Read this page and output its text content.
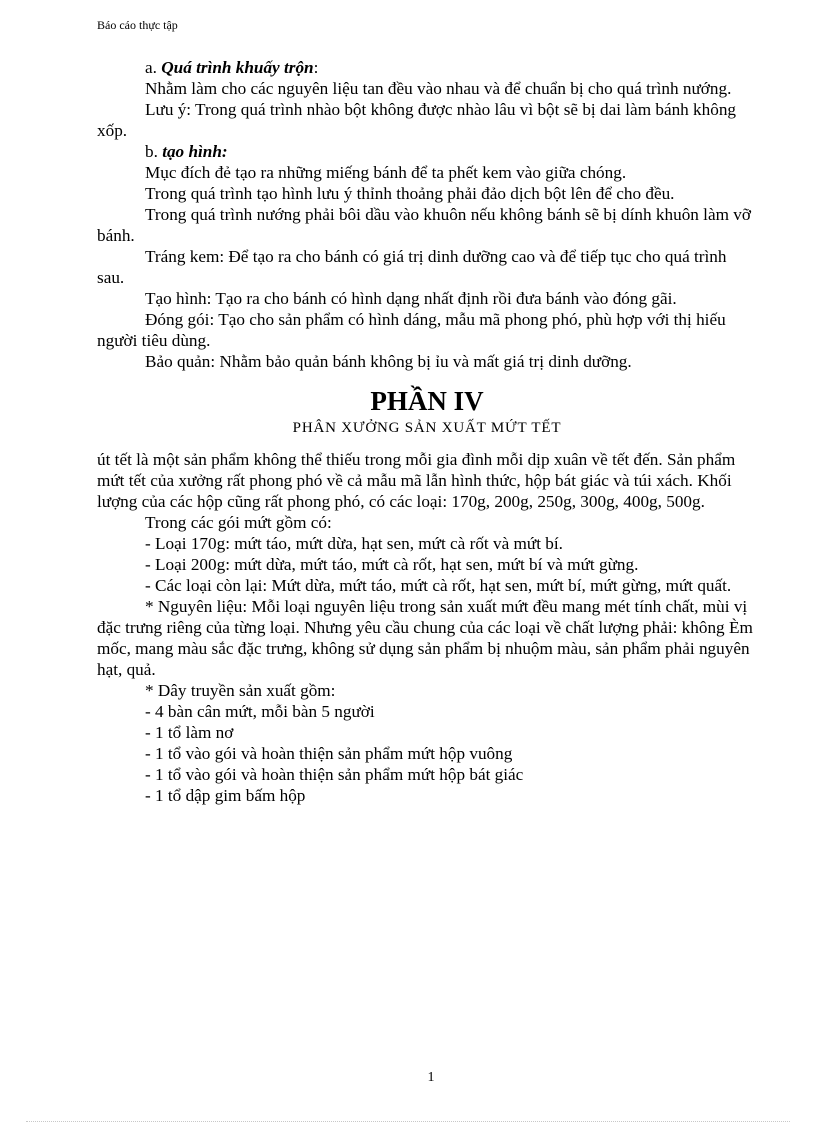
Báo cáo thực tập

a. Quá trình khuấy trộn:

Nhằm làm cho các nguyên liệu tan đều vào nhau và để chuẩn bị cho quá trình nướng.

Lưu ý: Trong quá trình nhào bột không được nhào lâu vì bột sẽ bị dai làm bánh không xốp.

b. tạo hình:

Mục đích đẻ tạo ra những miếng bánh để ta phết kem vào giữa chóng.

Trong quá trình tạo hình lưu ý thỉnh thoảng phải đảo dịch bột lên để cho đều.

Trong quá trình nướng phải bôi dầu vào khuôn nếu không bánh sẽ bị dính khuôn làm vỡ bánh.

Tráng kem: Để tạo ra cho bánh có giá trị dinh dưỡng cao và để tiếp tục cho quá trình sau.

Tạo hình: Tạo ra cho bánh có hình dạng nhất định rồi đưa bánh vào đóng gãi.

Đóng gói: Tạo cho sản phẩm có hình dáng, mẫu mã phong phó, phù hợp với thị hiếu người tiêu dùng.

Bảo quản: Nhằm bảo quản bánh không bị ỉu và mất giá trị dinh dưỡng.

PHẦN IV
PHÂN XƯỞNG SẢN XUẤT MỨT TẾT

út tết là một sản phẩm không thể thiếu trong mỗi gia đình mỗi dịp xuân về tết đến. Sản phẩm mứt tết của xưởng rất phong phó về cả mẫu mã lẫn hình thức, hộp bát giác và túi xách. Khối lượng của các hộp cũng rất phong phó, có các loại: 170g, 200g, 250g, 300g, 400g, 500g.

Trong các gói mứt gồm có:

- Loại 170g: mứt táo, mứt dừa, hạt sen, mứt cà rốt và mứt bí.

- Loại 200g: mứt dừa, mứt táo, mứt cà rốt, hạt sen, mứt bí và mứt gừng.

- Các loại còn lại: Mứt dừa, mứt táo, mứt cà rốt, hạt sen, mứt bí, mứt gừng, mứt quất.

* Nguyên liệu: Mỗi loại nguyên liệu trong sản xuất mứt đều mang mét tính chất, mùi vị đặc trưng riêng của từng loại. Nhưng yêu cầu chung của các loại về chất lượng phải: không Èm mốc, mang màu sắc đặc trưng, không sử dụng sản phẩm bị nhuộm màu, sản phẩm phải nguyên hạt, quả.

* Dây truyền sản xuất gồm:

- 4 bàn cân mứt, mỗi bàn 5 người

- 1 tổ làm nơ

- 1 tổ vào gói và hoàn thiện sản phẩm mứt hộp vuông

- 1 tổ vào gói và hoàn thiện sản phẩm mứt hộp bát giác

- 1 tổ dập gim bấm hộp

1
